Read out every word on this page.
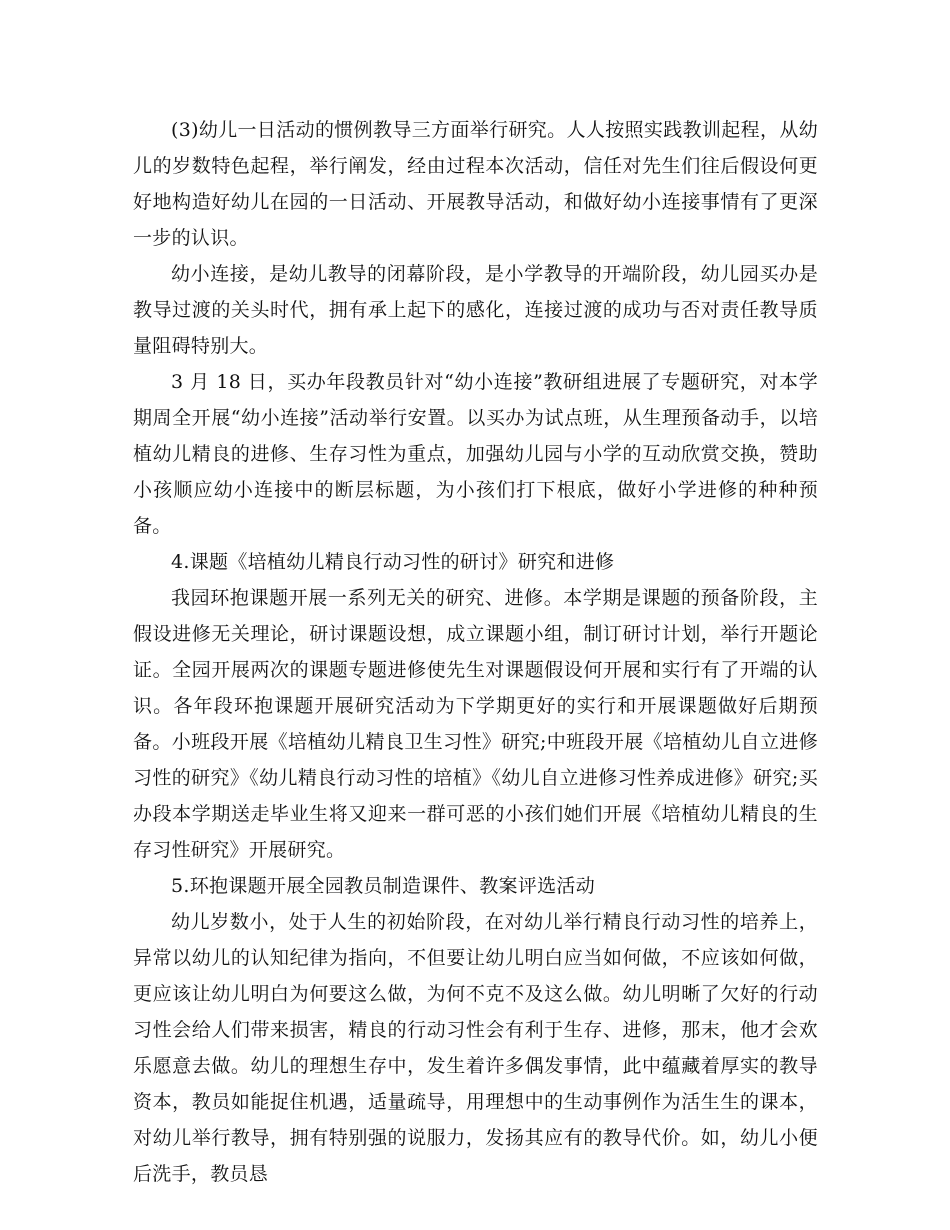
(3)幼儿一日活动的惯例教导三方面举行研究。人人按照实践教训起程，从幼儿的岁数特色起程，举行阐发，经由过程本次活动，信任对先生们往后假设何更好地构造好幼儿在园的一日活动、开展教导活动，和做好幼小连接事情有了更深一步的认识。

幼小连接，是幼儿教导的闭幕阶段，是小学教导的开端阶段，幼儿园买办是教导过渡的关头时代，拥有承上起下的感化，连接过渡的成功与否对责任教导质量阻碍特别大。

3 月 18 日，买办年段教员针对“幼小连接”教研组进展了专题研究，对本学期周全开展“幼小连接”活动举行安置。以买办为试点班，从生理预备动手，以培植幼儿精良的进修、生存习性为重点，加强幼儿园与小学的互动欣赏交换，赞助小孩顺应幼小连接中的断层标题，为小孩们打下根底，做好小学进修的种种预备。

4.课题《培植幼儿精良行动习性的研讨》研究和进修

我园环抱课题开展一系列无关的研究、进修。本学期是课题的预备阶段，主假设进修无关理论，研讨课题设想，成立课题小组，制订研讨计划，举行开题论证。全园开展两次的课题专题进修使先生对课题假设何开展和实行有了开端的认识。各年段环抱课题开展研究活动为下学期更好的实行和开展课题做好后期预备。小班段开展《培植幼儿精良卫生习性》研究;中班段开展《培植幼儿自立进修习性的研究》《幼儿精良行动习性的培植》《幼儿自立进修习性养成进修》研究;买办段本学期送走毕业生将又迎来一群可恶的小孩们她们开展《培植幼儿精良的生存习性研究》开展研究。

5.环抱课题开展全园教员制造课件、教案评选活动

幼儿岁数小，处于人生的初始阶段，在对幼儿举行精良行动习性的培养上，异常以幼儿的认知纪律为指向，不但要让幼儿明白应当如何做，不应该如何做，更应该让幼儿明白为何要这么做，为何不克不及这么做。幼儿明晰了欠好的行动习性会给人们带来损害，精良的行动习性会有利于生存、进修，那末，他才会欢乐愿意去做。幼儿的理想生存中，发生着许多偶发事情，此中蕴藏着厚实的教导资本，教员如能捉住机遇，适量疏导，用理想中的生动事例作为活生生的课本，对幼儿举行教导，拥有特别强的说服力，发扬其应有的教导代价。如，幼儿小便后洗手，教员恳
